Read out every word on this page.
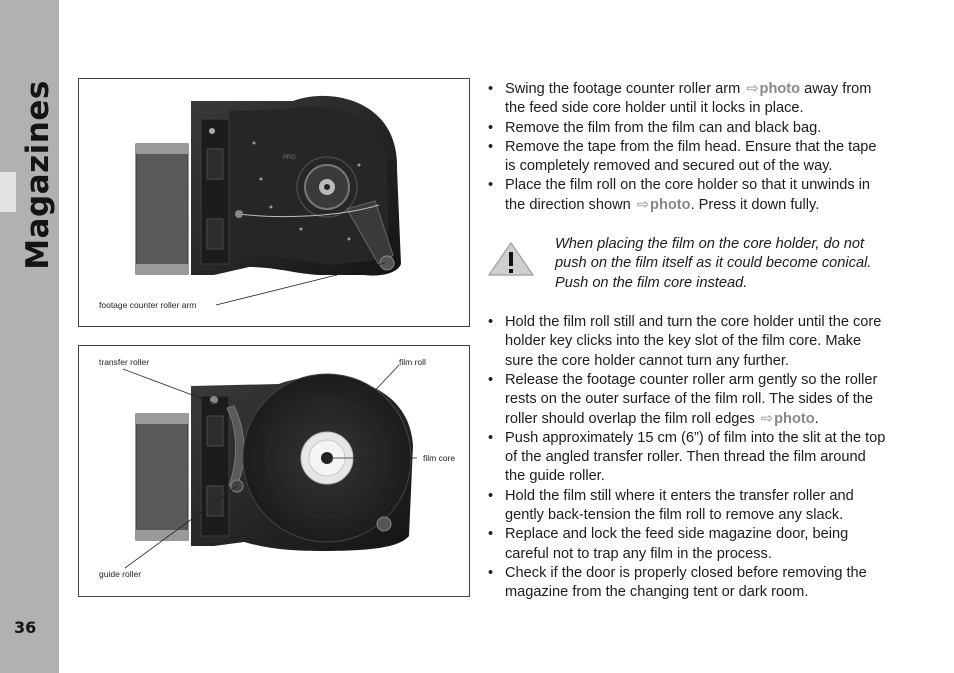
Magazines
36
PRD
footage counter roller arm
transfer roller	film roll
film core
guide roller
• Swing the footage counter roller arm ⇨photo away from the feed side core holder until it locks in place.
• Remove the film from the film can and black bag.
• Remove the tape from the film head. Ensure that the tape is completely removed and secured out of the way.
• Place the film roll on the core holder so that it unwinds in the direction shown ⇨photo. Press it down fully.
When placing the film on the core holder, do not push on the film itself as it could become conical. Push on the film core instead.
• Hold the film roll still and turn the core holder until the core holder key clicks into the key slot of the film core. Make sure the core holder cannot turn any further.
• Release the footage counter roller arm gently so the roller rests on the outer surface of the film roll. The sides of the roller should overlap the film roll edges ⇨photo.
• Push approximately 15 cm (6”) of film into the slit at the top of the angled transfer roller. Then thread the film around the guide roller.
• Hold the film still where it enters the transfer roller and gently back-tension the film roll to remove any slack.
• Replace and lock the feed side magazine door, being careful not to trap any film in the process.
• Check if the door is properly closed before removing the magazine from the changing tent or dark room.
